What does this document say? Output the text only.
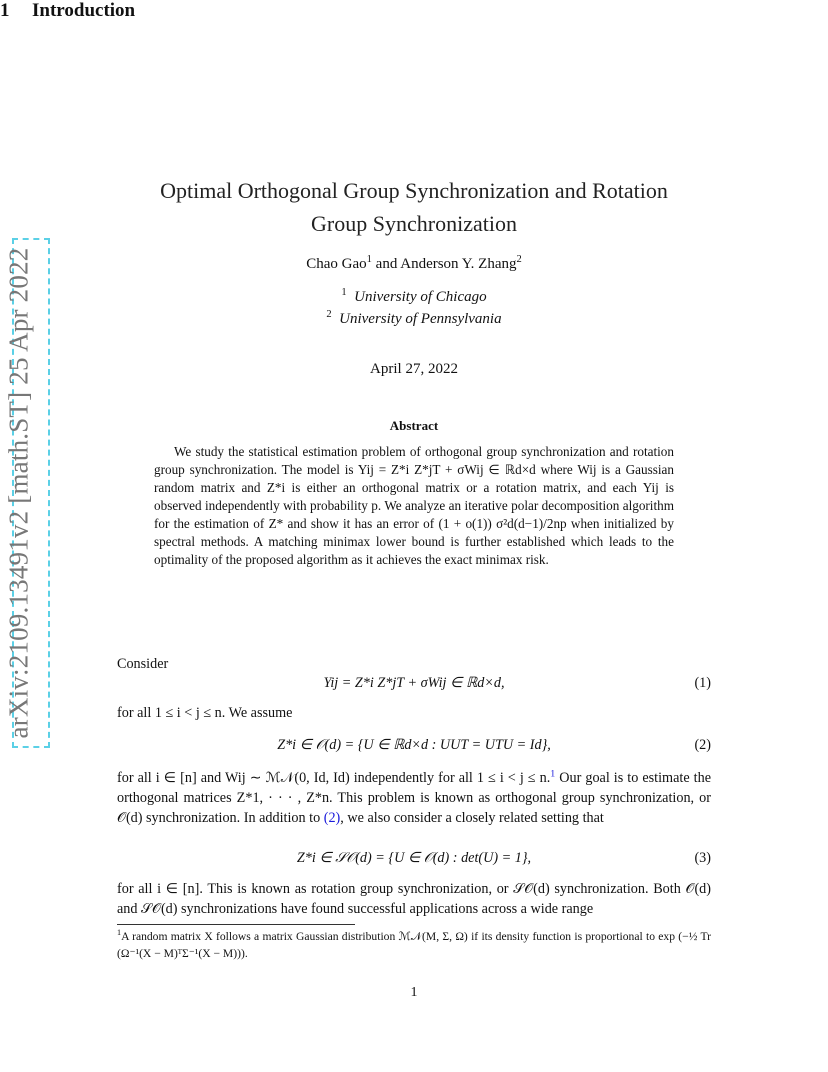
arXiv:2109.13491v2 [math.ST] 25 Apr 2022
Optimal Orthogonal Group Synchronization and Rotation
Group Synchronization
Chao Gao$^1$ and Anderson Y. Zhang$^2$
$^1$ University of Chicago
$^2$ University of Pennsylvania
April 27, 2022
Abstract
We study the statistical estimation problem of orthogonal group synchronization and rotation group synchronization. The model is Yij = Z*i Z*jT + σWij ∈ ℝd×d where Wij is a Gaussian random matrix and Z*i is either an orthogonal matrix or a rotation matrix, and each Yij is observed independently with probability p. We analyze an iterative polar decomposition algorithm for the estimation of Z* and show it has an error of (1 + o(1)) σ²d(d−1)/2np when initialized by spectral methods. A matching minimax lower bound is further established which leads to the optimality of the proposed algorithm as it achieves the exact minimax risk.
1 Introduction
Consider
Yij = Z*i Z*jT + σWij ∈ ℝd×d,	(1)
for all 1 ≤ i < j ≤ n. We assume
Z*i ∈ 𝒪(d) = {U ∈ ℝd×d : UUT = UTU = Id},	(2)
for all i ∈ [n] and Wij ∼ ℳ𝒩(0, Id, Id) independently for all 1 ≤ i < j ≤ n.$^1$ Our goal is to estimate the orthogonal matrices Z*1, · · · , Z*n. This problem is known as orthogonal group synchronization, or 𝒪(d) synchronization. In addition to (2), we also consider a closely related setting that
Z*i ∈ 𝒮𝒪(d) = {U ∈ 𝒪(d) : det(U) = 1},	(3)
for all i ∈ [n]. This is known as rotation group synchronization, or 𝒮𝒪(d) synchronization. Both 𝒪(d) and 𝒮𝒪(d) synchronizations have found successful applications across a wide range
$^1$A random matrix X follows a matrix Gaussian distribution ℳ𝒩(M, Σ, Ω) if its density function is proportional to exp (−½ Tr (Ω⁻¹(X − M)ᵀΣ⁻¹(X − M))).
1
